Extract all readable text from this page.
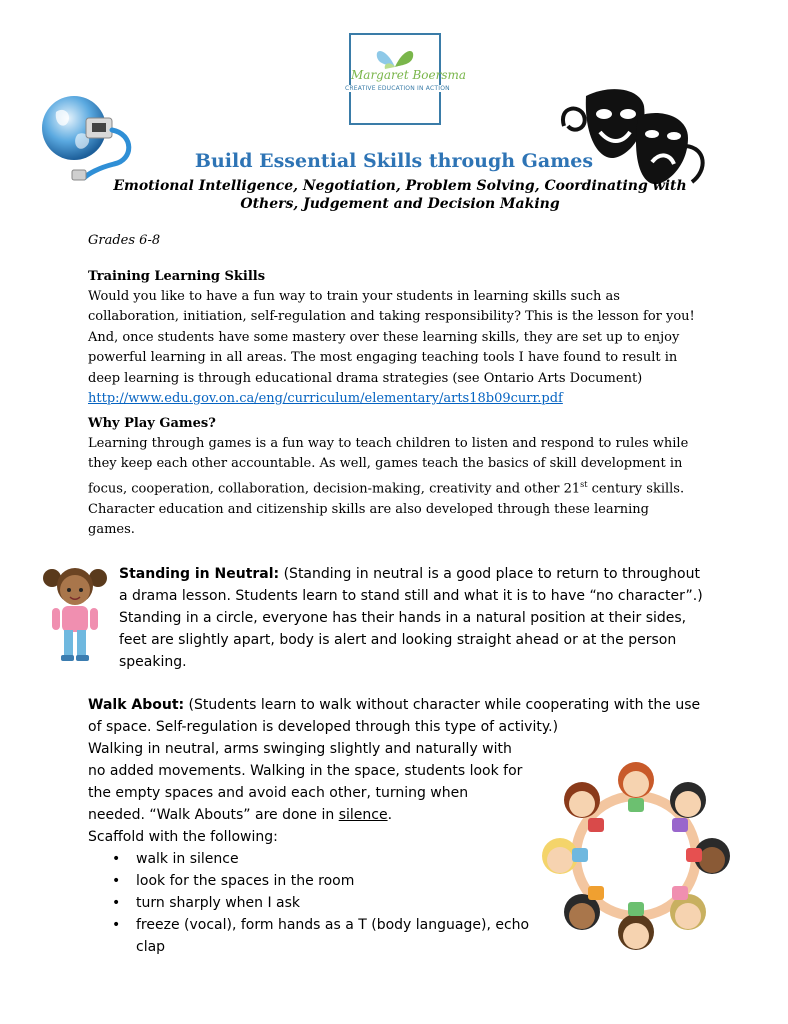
Margaret Boersma
CREATIVE EDUCATION IN ACTION
Build Essential Skills through Games
Emotional Intelligence, Negotiation, Problem Solving, Coordinating with Others, Judgement and Decision Making
Grades 6-8
Training Learning Skills
Would you like to have a fun way to train your students in learning skills such as collaboration, initiation, self-regulation and taking responsibility? This is the lesson for you! And, once students have some mastery over these learning skills, they are set up to enjoy powerful learning in all areas. The most engaging teaching tools I have found to result in deep learning is through educational drama strategies (see Ontario Arts Document) http://www.edu.gov.on.ca/eng/curriculum/elementary/arts18b09curr.pdf
Why Play Games?
Learning through games is a fun way to teach children to listen and respond to rules while they keep each other accountable. As well, games teach the basics of skill development in focus, cooperation, collaboration, decision-making, creativity and other 21st century skills. Character education and citizenship skills are also developed through these learning games.
Standing in Neutral: (Standing in neutral is a good place to return to throughout a drama lesson. Students learn to stand still and what it is to have “no character”.) Standing in a circle, everyone has their hands in a natural position at their sides, feet are slightly apart, body is alert and looking straight ahead or at the person speaking.
Walk About: (Students learn to walk without character while cooperating with the use of space. Self-regulation is developed through this type of activity.)
Walking in neutral, arms swinging slightly and naturally with no added movements. Walking in the space, students look for the empty spaces and avoid each other, turning when needed. “Walk Abouts” are done in silence.
Scaffold with the following:
• walk in silence
• look for the spaces in the room
• turn sharply when I ask
• freeze (vocal), form hands as a T (body language), echo clap
